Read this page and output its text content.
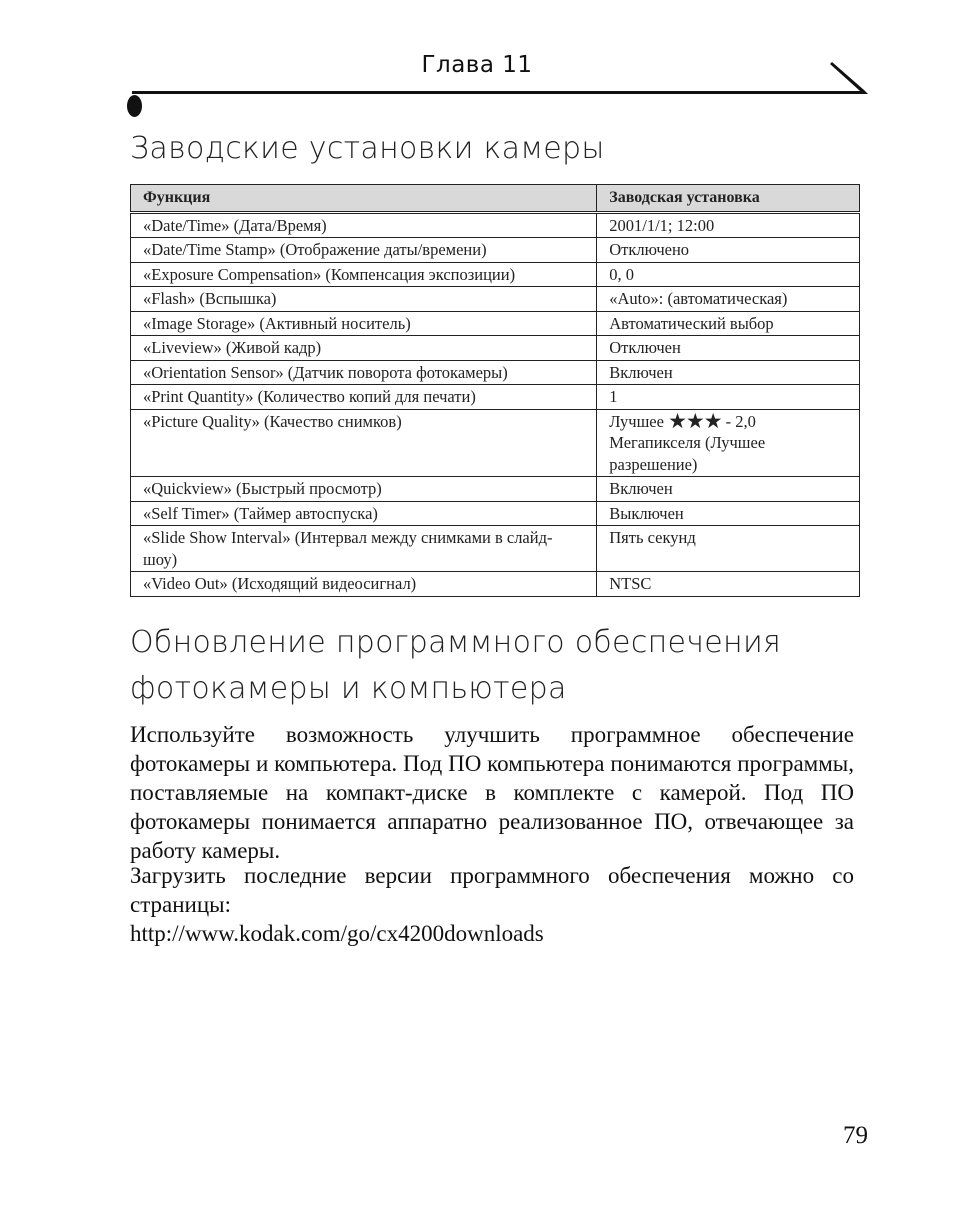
Глава 11
Заводские установки камеры
Функция	Заводская установка
«Date/Time» (Дата/Время)	2001/1/1; 12:00
«Date/Time Stamp» (Отображение даты/времени)	Отключено
«Exposure Compensation» (Компенсация экспозиции)	0, 0
«Flash» (Вспышка)	«Auto»: (автоматическая)
«Image Storage» (Активный носитель)	Автоматический выбор
«Liveview» (Живой кадр)	Отключен
«Orientation Sensor» (Датчик поворота фотокамеры)	Включен
«Print Quantity» (Количество копий для печати)	1
«Picture Quality» (Качество снимков)	Лучшее ★★★ - 2,0 Мегапикселя (Лучшее разрешение)
«Quickview» (Быстрый просмотр)	Включен
«Self Timer» (Таймер автоспуска)	Выключен
«Slide Show Interval» (Интервал между снимками в слайд-шоу)	Пять секунд
«Video Out» (Исходящий видеосигнал)	NTSC
Обновление программного обеспечения фотокамеры и компьютера

Используйте возможность улучшить программное обеспечение фотокамеры и компьютера. Под ПО компьютера понимаются программы, поставляемые на компакт-диске в комплекте с камерой. Под ПО фотокамеры понимается аппаратно реализованное ПО, отвечающее за работу камеры.

Загрузить последние версии программного обеспечения можно со страницы:

http://www.kodak.com/go/cx4200downloads

79
